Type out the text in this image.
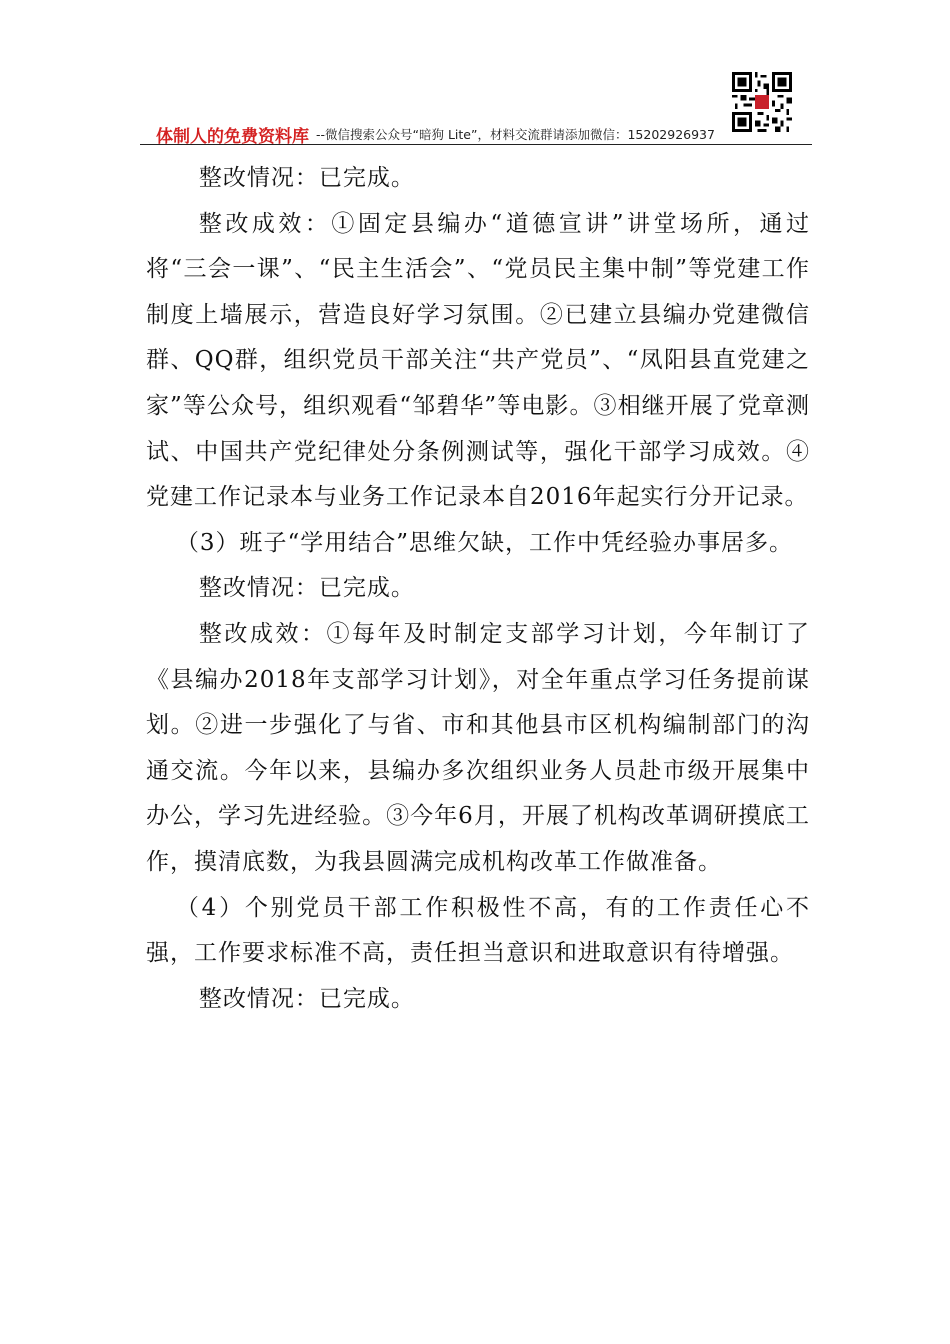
体制人的免费资料库 --微信搜索公众号“暗狗 Lite”，材料交流群请添加微信：15202926937

整改情况：已完成。

整改成效：①固定县编办“道德宣讲”讲堂场所，通过将“三会一课”、“民主生活会”、“党员民主集中制”等党建工作制度上墙展示，营造良好学习氛围。②已建立县编办党建微信群、QQ群，组织党员干部关注“共产党员”、“凤阳县直党建之家”等公众号，组织观看“邹碧华”等电影。③相继开展了党章测试、中国共产党纪律处分条例测试等，强化干部学习成效。④党建工作记录本与业务工作记录本自2016年起实行分开记录。

（3）班子“学用结合”思维欠缺，工作中凭经验办事居多。

整改情况：已完成。

整改成效：①每年及时制定支部学习计划，今年制订了《县编办2018年支部学习计划》，对全年重点学习任务提前谋划。②进一步强化了与省、市和其他县市区机构编制部门的沟通交流。今年以来，县编办多次组织业务人员赴市级开展集中办公，学习先进经验。③今年6月，开展了机构改革调研摸底工作，摸清底数，为我县圆满完成机构改革工作做准备。

（4）个别党员干部工作积极性不高，有的工作责任心不强，工作要求标准不高，责任担当意识和进取意识有待增强。

整改情况：已完成。
